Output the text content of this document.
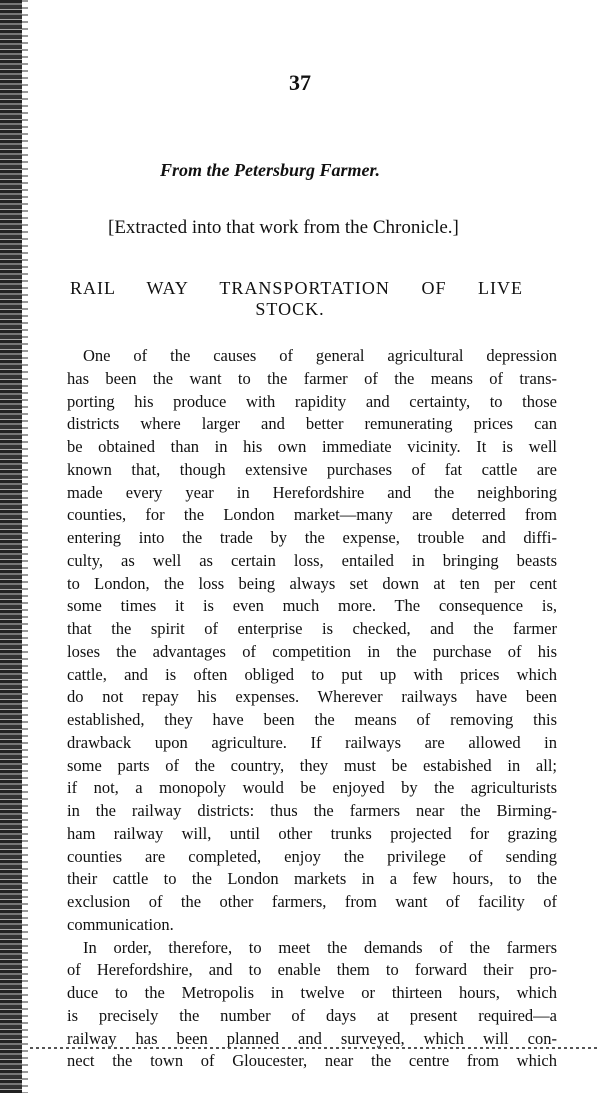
37
From the Petersburg Farmer.
[Extracted into that work from the Chronicle.]
RAIL WAY TRANSPORTATION OF LIVE
STOCK.
One of the causes of general agricultural depression
has been the want to the farmer of the means of trans-
porting his produce with rapidity and certainty, to those
districts where larger and better remunerating prices can
be obtained than in his own immediate vicinity. It is well
known that, though extensive purchases of fat cattle are
made every year in Herefordshire and the neighboring
counties, for the London market—many are deterred from
entering into the trade by the expense, trouble and diffi-
culty, as well as certain loss, entailed in bringing beasts
to London, the loss being always set down at ten per cent
some times it is even much more. The consequence is,
that the spirit of enterprise is checked, and the farmer
loses the advantages of competition in the purchase of his
cattle, and is often obliged to put up with prices which
do not repay his expenses. Wherever railways have been
established, they have been the means of removing this
drawback upon agriculture. If railways are allowed in
some parts of the country, they must be estabished in all;
if not, a monopoly would be enjoyed by the agriculturists
in the railway districts: thus the farmers near the Birming-
ham railway will, until other trunks projected for grazing
counties are completed, enjoy the privilege of sending
their cattle to the London markets in a few hours, to the
exclusion of the other farmers, from want of facility of
communication.
In order, therefore, to meet the demands of the farmers
of Herefordshire, and to enable them to forward their pro-
duce to the Metropolis in twelve or thirteen hours, which
is precisely the number of days at present required—a
railway has been planned and surveyed, which will con-
nect the town of Gloucester, near the centre from which
